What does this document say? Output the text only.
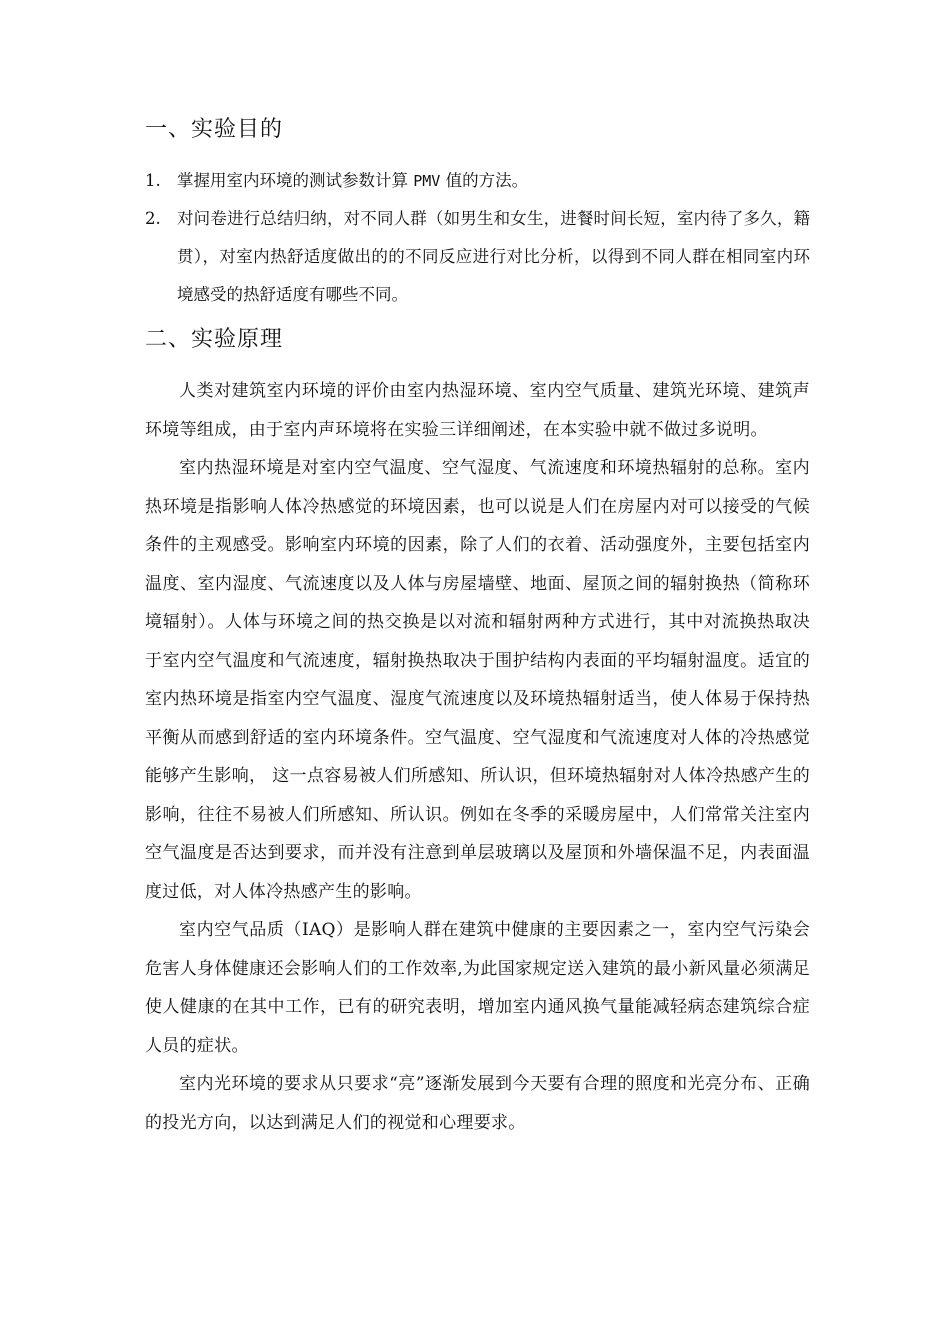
一、实验目的
1. 掌握用室内环境的测试参数计算 PMV 值的方法。
2. 对问卷进行总结归纳，对不同人群（如男生和女生，进餐时间长短，室内待了多久，籍贯），对室内热舒适度做出的的不同反应进行对比分析，以得到不同人群在相同室内环境感受的热舒适度有哪些不同。
二、实验原理

人类对建筑室内环境的评价由室内热湿环境、室内空气质量、建筑光环境、建筑声环境等组成，由于室内声环境将在实验三详细阐述，在本实验中就不做过多说明。

室内热湿环境是对室内空气温度、空气湿度、气流速度和环境热辐射的总称。室内热环境是指影响人体冷热感觉的环境因素，也可以说是人们在房屋内对可以接受的气候条件的主观感受。影响室内环境的因素，除了人们的衣着、活动强度外，主要包括室内温度、室内湿度、气流速度以及人体与房屋墙壁、地面、屋顶之间的辐射换热（简称环境辐射）。人体与环境之间的热交换是以对流和辐射两种方式进行，其中对流换热取决于室内空气温度和气流速度，辐射换热取决于围护结构内表面的平均辐射温度。适宜的室内热环境是指室内空气温度、湿度气流速度以及环境热辐射适当，使人体易于保持热平衡从而感到舒适的室内环境条件。空气温度、空气湿度和气流速度对人体的冷热感觉能够产生影响， 这一点容易被人们所感知、所认识，但环境热辐射对人体冷热感产生的影响，往往不易被人们所感知、所认识。例如在冬季的采暖房屋中，人们常常关注室内空气温度是否达到要求，而并没有注意到单层玻璃以及屋顶和外墙保温不足，内表面温度过低，对人体冷热感产生的影响。

室内空气品质（IAQ）是影响人群在建筑中健康的主要因素之一，室内空气污染会危害人身体健康还会影响人们的工作效率,为此国家规定送入建筑的最小新风量必须满足使人健康的在其中工作，已有的研究表明，增加室内通风换气量能减轻病态建筑综合症人员的症状。

室内光环境的要求从只要求“亮”逐渐发展到今天要有合理的照度和光亮分布、正确的投光方向，以达到满足人们的视觉和心理要求。
